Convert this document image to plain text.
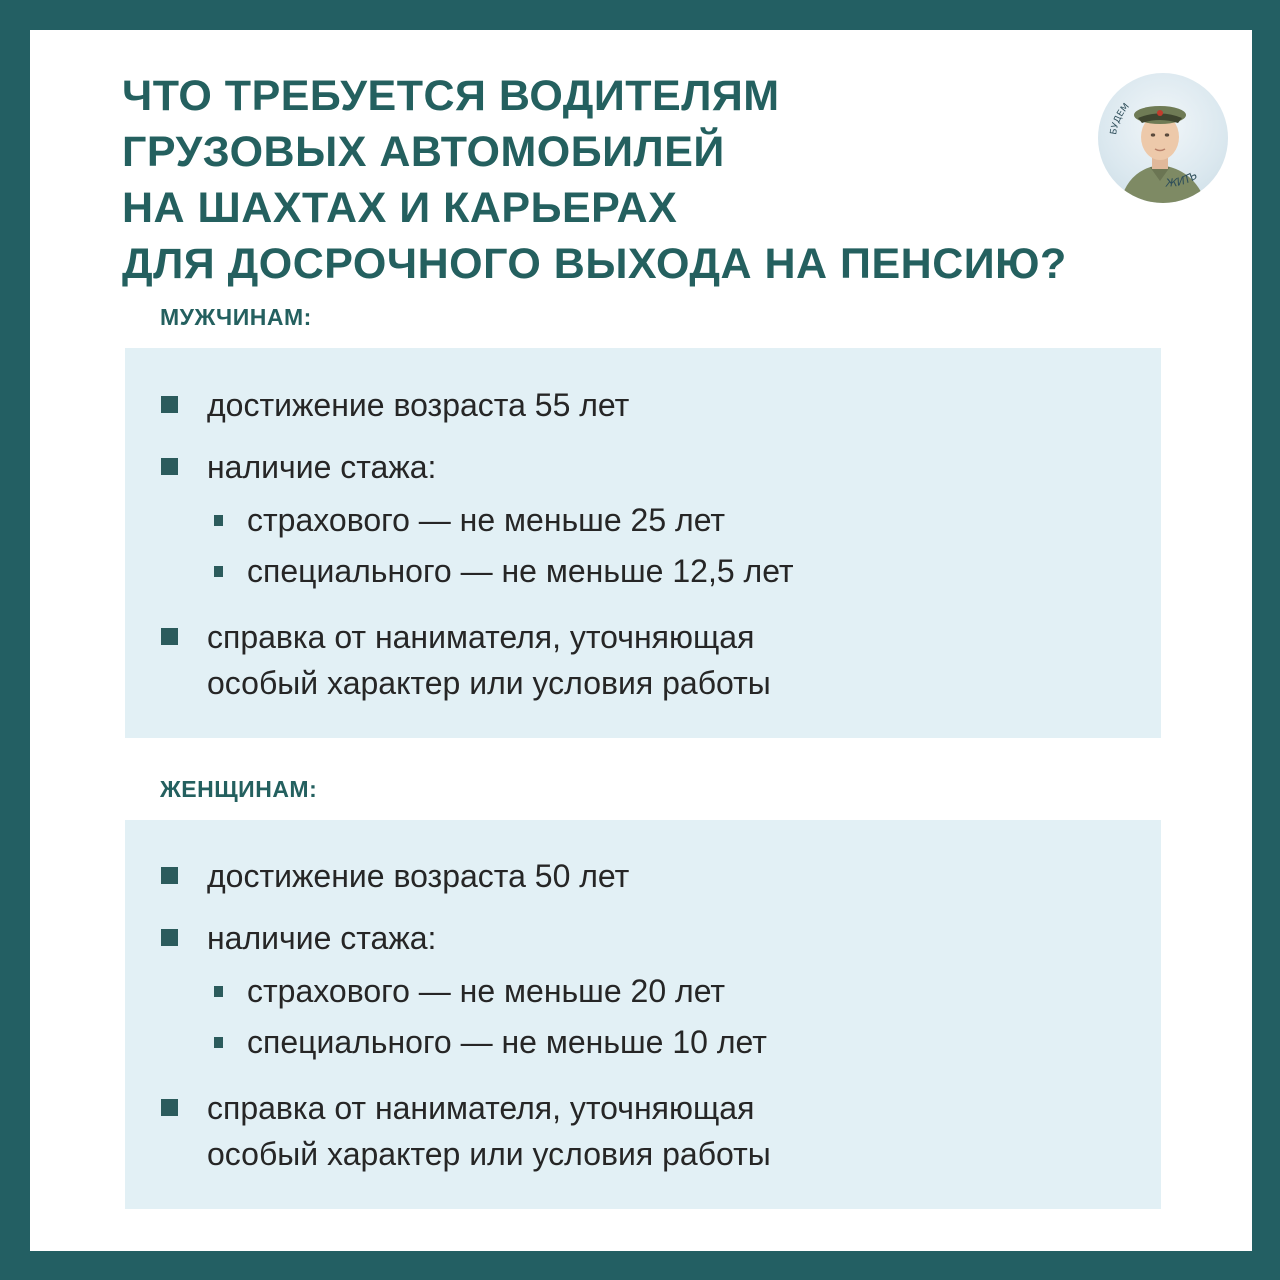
ЧТО ТРЕБУЕТСЯ ВОДИТЕЛЯМ
ГРУЗОВЫХ АВТОМОБИЛЕЙ
НА ШАХТАХ И КАРЬЕРАХ
ДЛЯ ДОСРОЧНОГО ВЫХОДА НА ПЕНСИЮ?
БУДЕМ
ЖИТЬ
МУЖЧИНАМ:
достижение возраста 55 лет
наличие стажа:
страхового — не меньше 25 лет
специального — не меньше 12,5 лет
справка от нанимателя, уточняющая
особый характер или условия работы
ЖЕНЩИНАМ:
достижение возраста 50 лет
наличие стажа:
страхового — не меньше 20 лет
специального — не меньше 10 лет
справка от нанимателя, уточняющая
особый характер или условия работы
